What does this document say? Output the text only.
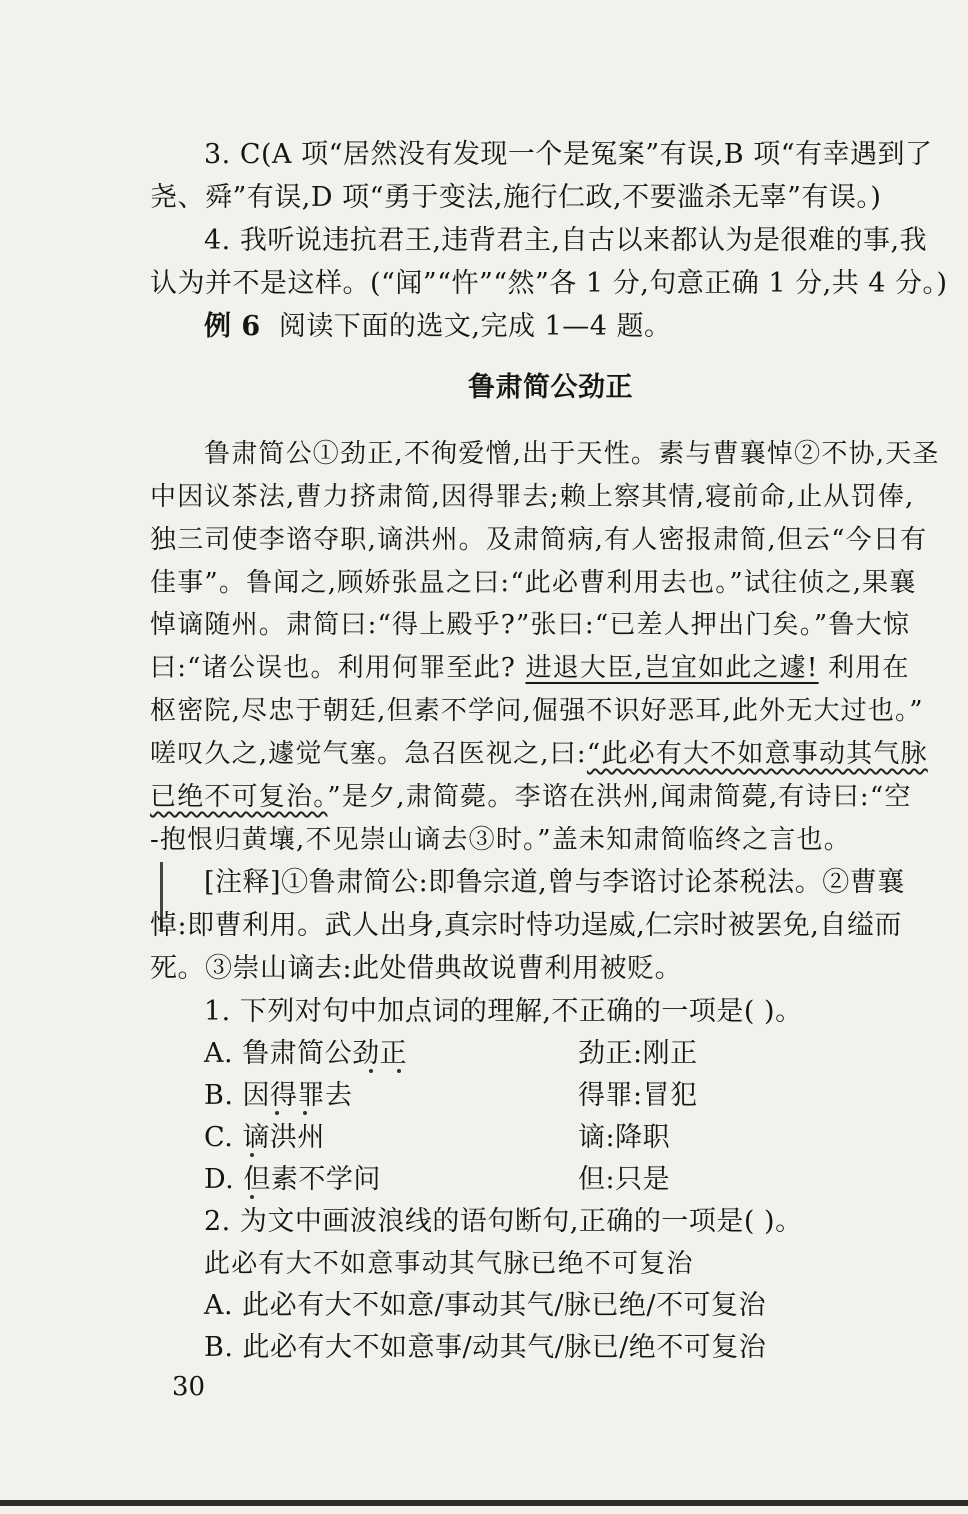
3. C(A 项“居然没有发现一个是冤案”有误,B 项“有幸遇到了
尧、舜”有误,D 项“勇于变法,施行仁政,不要滥杀无辜”有误。)
4. 我听说违抗君王,违背君主,自古以来都认为是很难的事,我
认为并不是这样。(“闻”“忤”“然”各 1 分,句意正确 1 分,共 4 分。)
例 6 阅读下面的选文,完成 1—4 题。
鲁肃简公劲正
鲁肃简公①劲正,不徇爱憎,出于天性。素与曹襄悼②不协,天圣
中因议茶法,曹力挤肃简,因得罪去;赖上察其情,寝前命,止从罚俸,
独三司使李谘夺职,谪洪州。及肃简病,有人密报肃简,但云“今日有
佳事”。鲁闻之,顾娇张昷之曰:“此必曹利用去也。”试往侦之,果襄
悼谪随州。肃简曰:“得上殿乎?”张曰:“已差人押出门矣。”鲁大惊
曰:“诸公误也。利用何罪至此? 进退大臣,岂宜如此之遽! 利用在
枢密院,尽忠于朝廷,但素不学问,倔强不识好恶耳,此外无大过也。”
嗟叹久之,遽觉气塞。急召医视之,曰:“此必有大不如意事动其气脉
已绝不可复治。”是夕,肃简薨。李谘在洪州,闻肃简薨,有诗曰:“空
-抱恨归黄壤,不见崇山谪去③时。”盖未知肃简临终之言也。
[注释]①鲁肃简公:即鲁宗道,曾与李谘讨论茶税法。②曹襄
悼:即曹利用。武人出身,真宗时恃功逞威,仁宗时被罢免,自缢而
死。③崇山谪去:此处借典故说曹利用被贬。
1. 下列对句中加点词的理解,不正确的一项是( )。
A. 鲁肃简公劲正	劲正:刚正
B. 因得罪去	得罪:冒犯
C. 谪洪州	谪:降职
D. 但素不学问	但:只是
2. 为文中画波浪线的语句断句,正确的一项是( )。
此必有大不如意事动其气脉已绝不可复治
A. 此必有大不如意/事动其气/脉已绝/不可复治
B. 此必有大不如意事/动其气/脉已/绝不可复治
30
